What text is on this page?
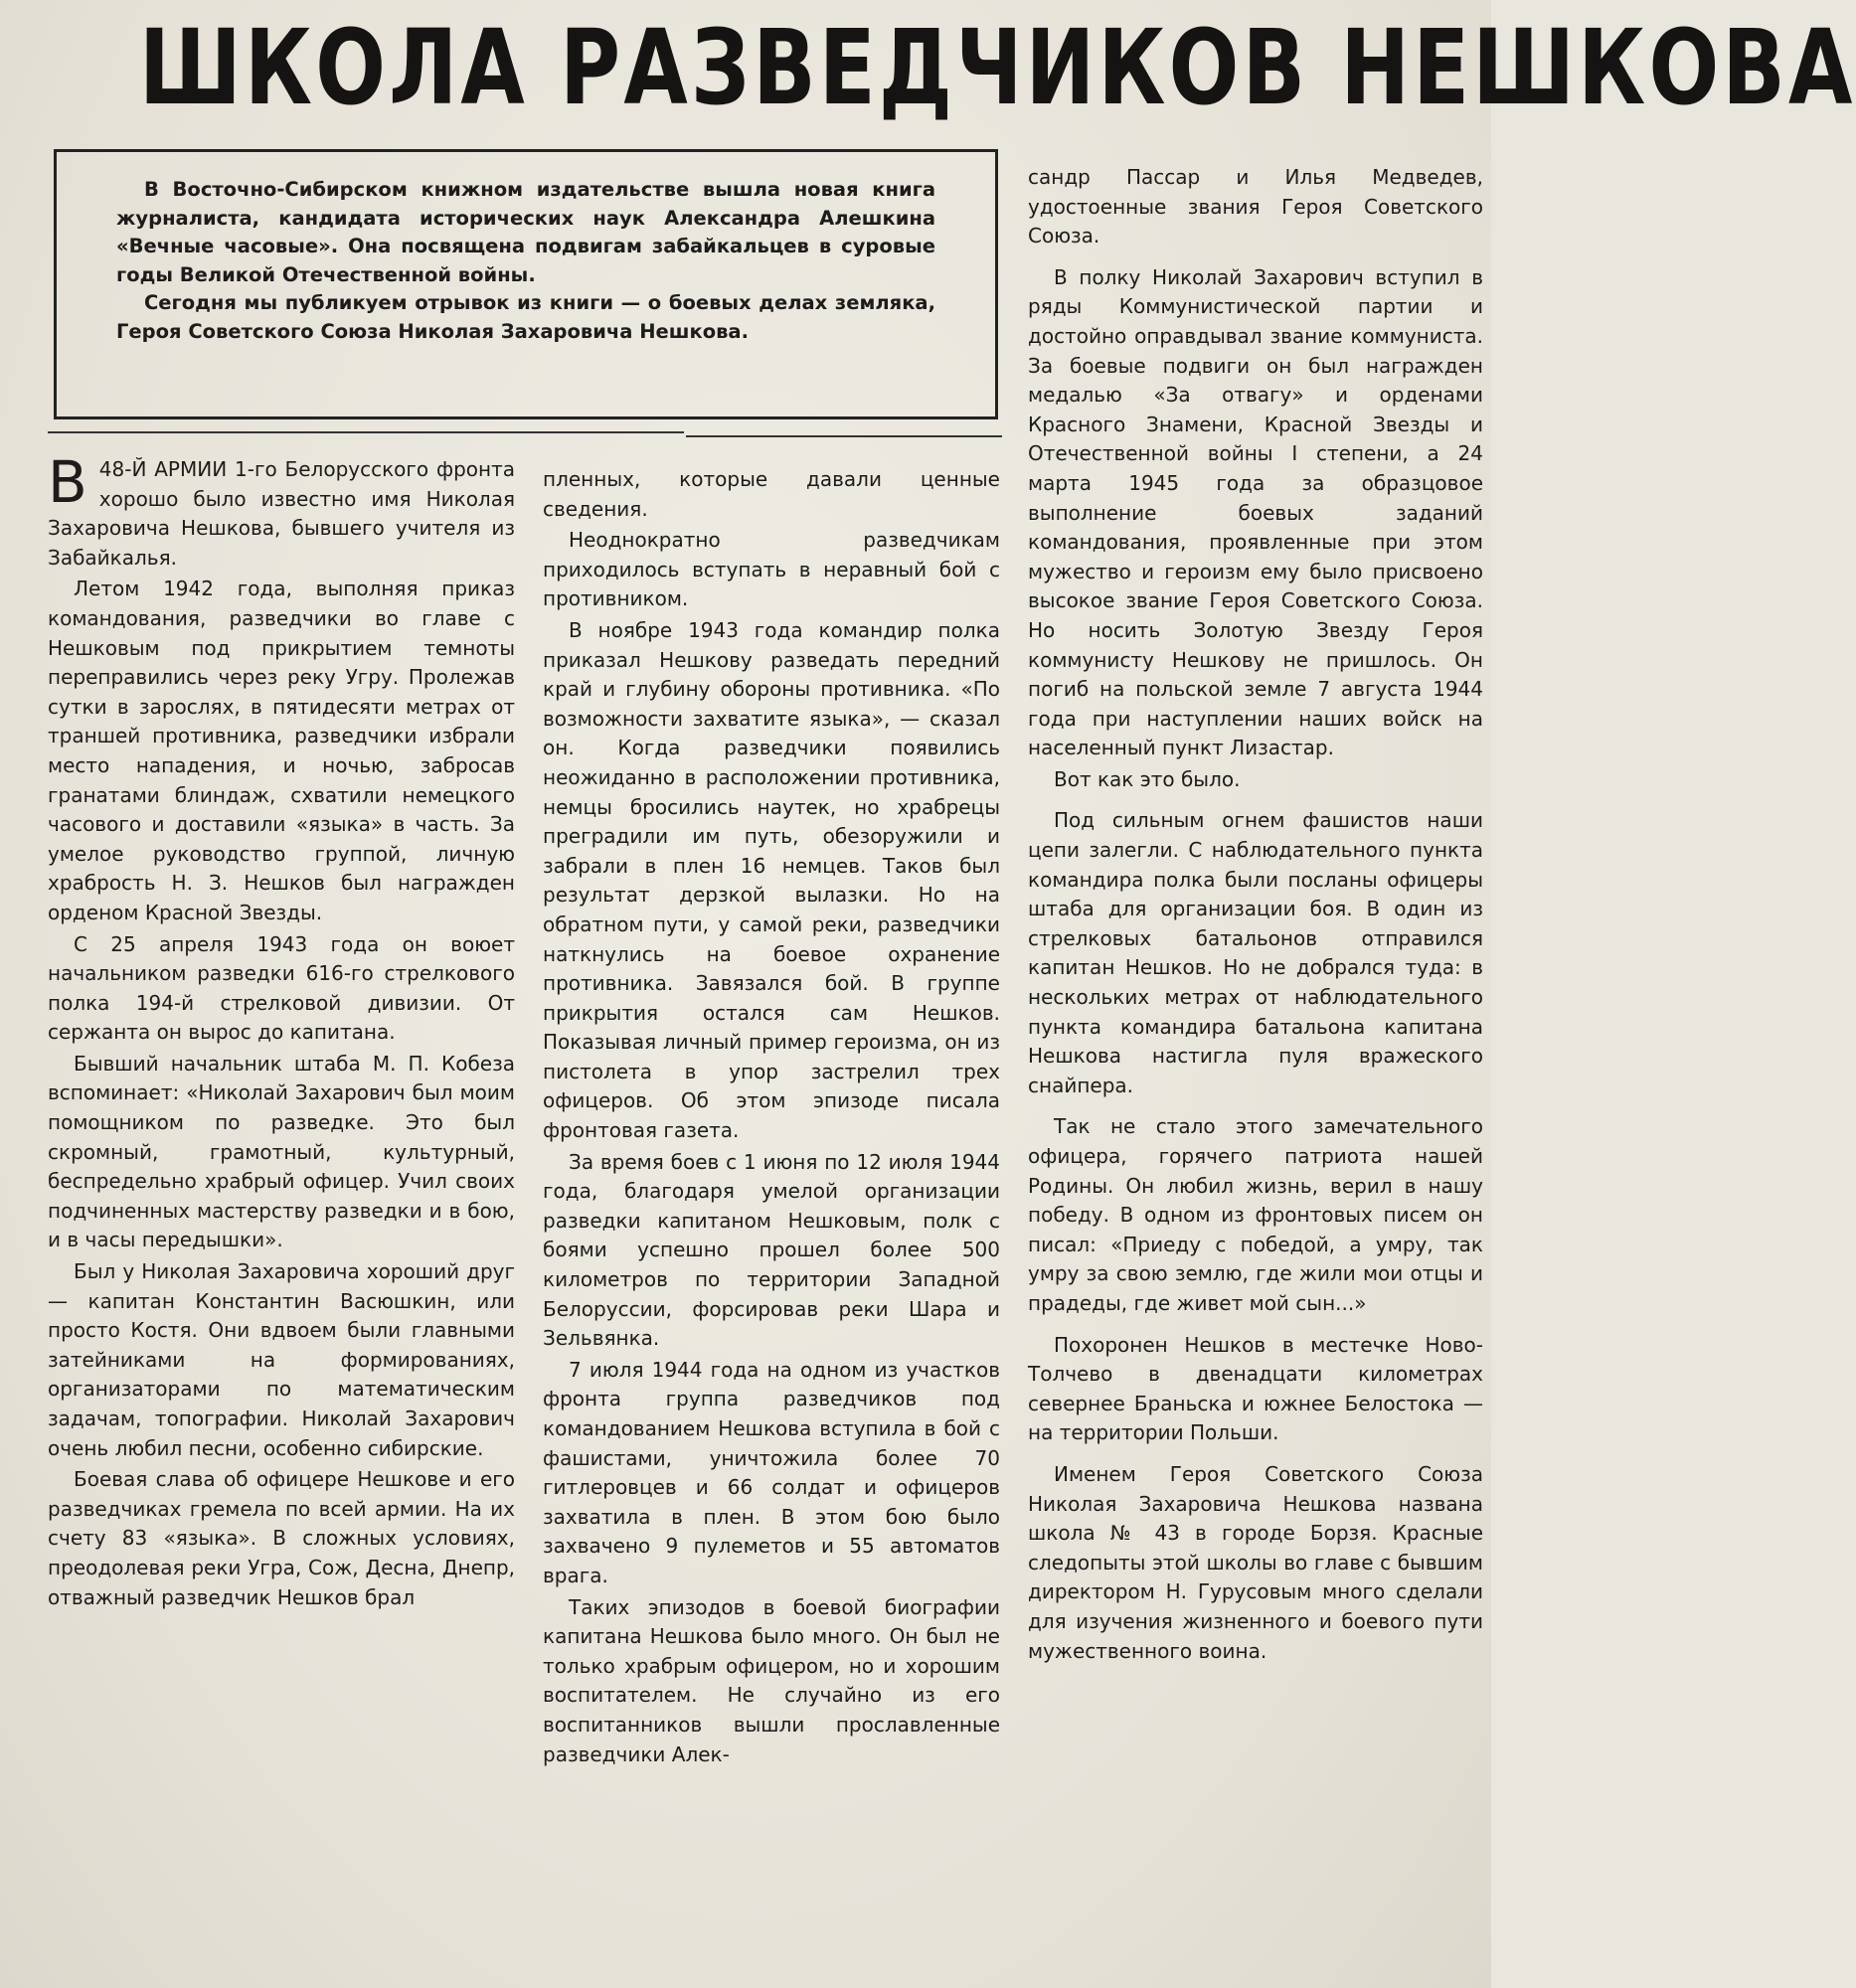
ШКОЛА РАЗВЕДЧИКОВ НЕШКОВА

В Восточно-Сибирском книжном издательстве вышла новая книга журналиста, кандидата исторических наук Александра Алешкина «Вечные часовые». Она посвящена подвигам забайкальцев в суровые годы Великой Отечественной войны.

Сегодня мы публикуем отрывок из книги — о боевых делах земляка, Героя Советского Союза Николая Захаровича Нешкова.

В 48-Й АРМИИ 1-го Белорусского фронта хорошо было известно имя Николая Захаровича Нешкова, бывшего учителя из Забайкалья.

Летом 1942 года, выполняя приказ командования, разведчики во главе с Нешковым под прикрытием темноты переправились через реку Угру. Пролежав сутки в зарослях, в пятидесяти метрах от траншей противника, разведчики избрали место нападения, и ночью, забросав гранатами блиндаж, схватили немецкого часового и доставили «языка» в часть. За умелое руководство группой, личную храбрость Н. З. Нешков был награжден орденом Красной Звезды.

С 25 апреля 1943 года он воюет начальником разведки 616-го стрелкового полка 194-й стрелковой дивизии. От сержанта он вырос до капитана.

Бывший начальник штаба М. П. Кобеза вспоминает: «Николай Захарович был моим помощником по разведке. Это был скромный, грамотный, культурный, беспредельно храбрый офицер. Учил своих подчиненных мастерству разведки и в бою, и в часы передышки».

Был у Николая Захаровича хороший друг — капитан Константин Васюшкин, или просто Костя. Они вдвоем были главными затейниками на формированиях, организаторами по математическим задачам, топографии. Николай Захарович очень любил песни, особенно сибирские.

Боевая слава об офицере Нешкове и его разведчиках гремела по всей армии. На их счету 83 «языка». В сложных условиях, преодолевая реки Угра, Сож, Десна, Днепр, отважный разведчик Нешков брал

пленных, которые давали ценные сведения.

Неоднократно разведчикам приходилось вступать в неравный бой с противником.

В ноябре 1943 года командир полка приказал Нешкову разведать передний край и глубину обороны противника. «По возможности захватите языка», — сказал он. Когда разведчики появились неожиданно в расположении противника, немцы бросились наутек, но храбрецы преградили им путь, обезоружили и забрали в плен 16 немцев. Таков был результат дерзкой вылазки. Но на обратном пути, у самой реки, разведчики наткнулись на боевое охранение противника. Завязался бой. В группе прикрытия остался сам Нешков. Показывая личный пример героизма, он из пистолета в упор застрелил трех офицеров. Об этом эпизоде писала фронтовая газета.

За время боев с 1 июня по 12 июля 1944 года, благодаря умелой организации разведки капитаном Нешковым, полк с боями успешно прошел более 500 километров по территории Западной Белоруссии, форсировав реки Шара и Зельвянка.

7 июля 1944 года на одном из участков фронта группа разведчиков под командованием Нешкова вступила в бой с фашистами, уничтожила более 70 гитлеровцев и 66 солдат и офицеров захватила в плен. В этом бою было захвачено 9 пулеметов и 55 автоматов врага.

Таких эпизодов в боевой биографии капитана Нешкова было много. Он был не только храбрым офицером, но и хорошим воспитателем. Не случайно из его воспитанников вышли прославленные разведчики Алек-

сандр Пассар и Илья Медведев, удостоенные звания Героя Советского Союза.

В полку Николай Захарович вступил в ряды Коммунистической партии и достойно оправдывал звание коммуниста. За боевые подвиги он был награжден медалью «За отвагу» и орденами Красного Знамени, Красной Звезды и Отечественной войны I степени, а 24 марта 1945 года за образцовое выполнение боевых заданий командования, проявленные при этом мужество и героизм ему было присвоено высокое звание Героя Советского Союза. Но носить Золотую Звезду Героя коммунисту Нешкову не пришлось. Он погиб на польской земле 7 августа 1944 года при наступлении наших войск на населенный пункт Лизастар.

Вот как это было.

Под сильным огнем фашистов наши цепи залегли. С наблюдательного пункта командира полка были посланы офицеры штаба для организации боя. В один из стрелковых батальонов отправился капитан Нешков. Но не добрался туда: в нескольких метрах от наблюдательного пункта командира батальона капитана Нешкова настигла пуля вражеского снайпера.

Так не стало этого замечательного офицера, горячего патриота нашей Родины. Он любил жизнь, верил в нашу победу. В одном из фронтовых писем он писал: «Приеду с победой, а умру, так умру за свою землю, где жили мои отцы и прадеды, где живет мой сын...»

Похоронен Нешков в местечке Ново-Толчево в двенадцати километрах севернее Браньска и южнее Белостока — на территории Польши.

Именем Героя Советского Союза Николая Захаровича Нешкова названа школа № 43 в городе Борзя. Красные следопыты этой школы во главе с бывшим директором Н. Гурусовым много сделали для изучения жизненного и боевого пути мужественного воина.
